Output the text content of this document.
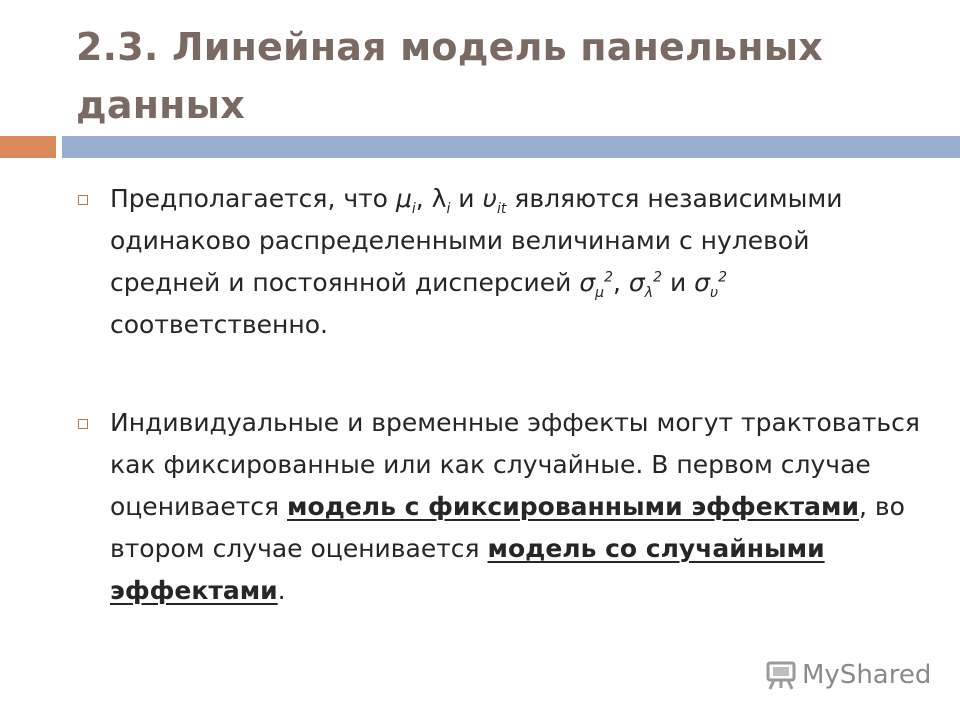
2.3. Линейная модель панельных данных

Предполагается, что $\mu_i$, $\lambda_i$ и $\upsilon_{it}$ являются независимыми одинаково распределенными величинами с нулевой средней и постоянной дисперсией $\sigma_\mu^2$, $\sigma_\lambda^2$ и $\sigma_\upsilon^2$ соответственно.

Индивидуальные и временные эффекты могут трактоваться как фиксированные или как случайные. В первом случае оценивается модель с фиксированными эффектами, во втором случае оценивается модель со случайными эффектами.

MyShared
